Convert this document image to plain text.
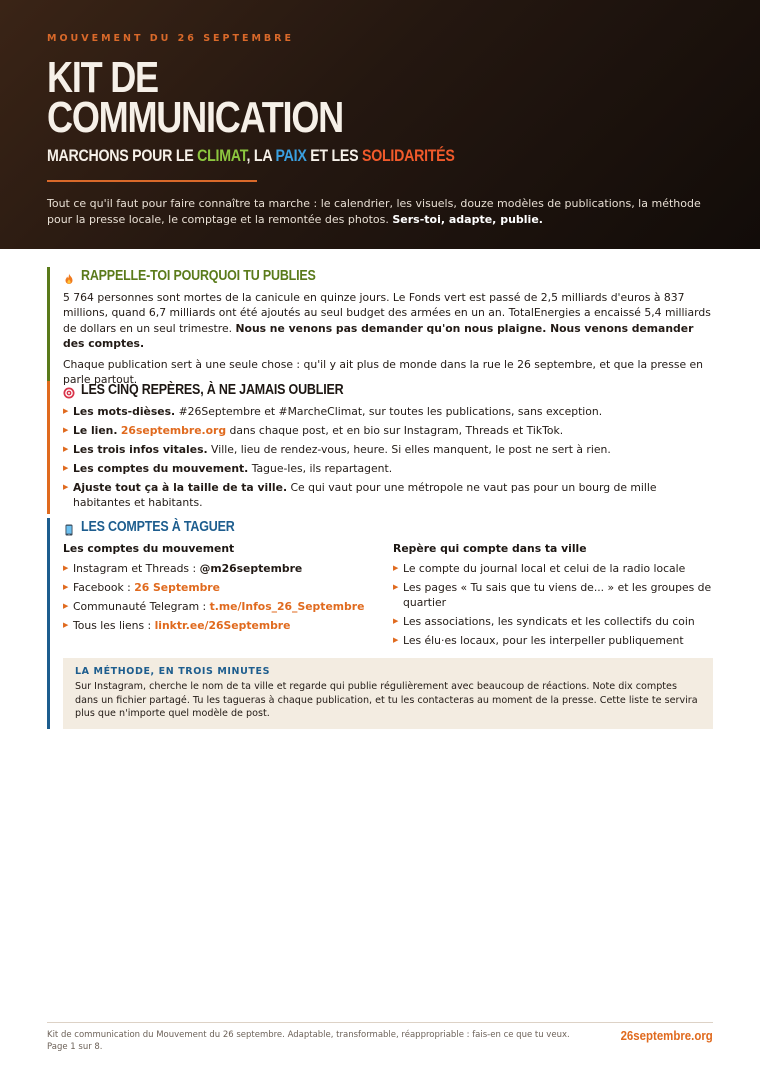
MOUVEMENT DU 26 SEPTEMBRE
KIT DE COMMUNICATION
MARCHONS POUR LE CLIMAT, LA PAIX ET LES SOLIDARITÉS

Tout ce qu'il faut pour faire connaître ta marche : le calendrier, les visuels, douze modèles de publications, la méthode pour la presse locale, le comptage et la remontée des photos. Sers-toi, adapte, publie.

RAPPELLE-TOI POURQUOI TU PUBLIES

5 764 personnes sont mortes de la canicule en quinze jours. Le Fonds vert est passé de 2,5 milliards d'euros à 837 millions, quand 6,7 milliards ont été ajoutés au seul budget des armées en un an. TotalEnergies a encaissé 5,4 milliards de dollars en un seul trimestre. Nous ne venons pas demander qu'on nous plaigne. Nous venons demander des comptes.

Chaque publication sert à une seule chose : qu'il y ait plus de monde dans la rue le 26 septembre, et que la presse en parle partout.

LES CINQ REPÈRES, À NE JAMAIS OUBLIER
▶ Les mots-dièses. #26Septembre et #MarcheClimat, sur toutes les publications, sans exception.
▶ Le lien. 26septembre.org dans chaque post, et en bio sur Instagram, Threads et TikTok.
▶ Les trois infos vitales. Ville, lieu de rendez-vous, heure. Si elles manquent, le post ne sert à rien.
▶ Les comptes du mouvement. Tague-les, ils repartagent.
▶ Ajuste tout ça à la taille de ta ville. Ce qui vaut pour une métropole ne vaut pas pour un bourg de mille habitantes et habitants.
LES COMPTES À TAGUER
Les comptes du mouvement
▶ Instagram et Threads : @m26septembre
▶ Facebook : 26 Septembre
▶ Communauté Telegram : t.me/Infos_26_Septembre
▶ Tous les liens : linktr.ee/26Septembre
Repère qui compte dans ta ville
▶ Le compte du journal local et celui de la radio locale
▶ Les pages « Tu sais que tu viens de... » et les groupes de quartier
▶ Les associations, les syndicats et les collectifs du coin
▶ Les élu·es locaux, pour les interpeller publiquement
LA MÉTHODE, EN TROIS MINUTES
Sur Instagram, cherche le nom de ta ville et regarde qui publie régulièrement avec beaucoup de réactions. Note dix comptes dans un fichier partagé. Tu les tagueras à chaque publication, et tu les contacteras au moment de la presse. Cette liste te servira plus que n'importe quel modèle de post.
Kit de communication du Mouvement du 26 septembre. Adaptable, transformable, réappropriable : fais-en ce que tu veux.
Page 1 sur 8.
26septembre.org
